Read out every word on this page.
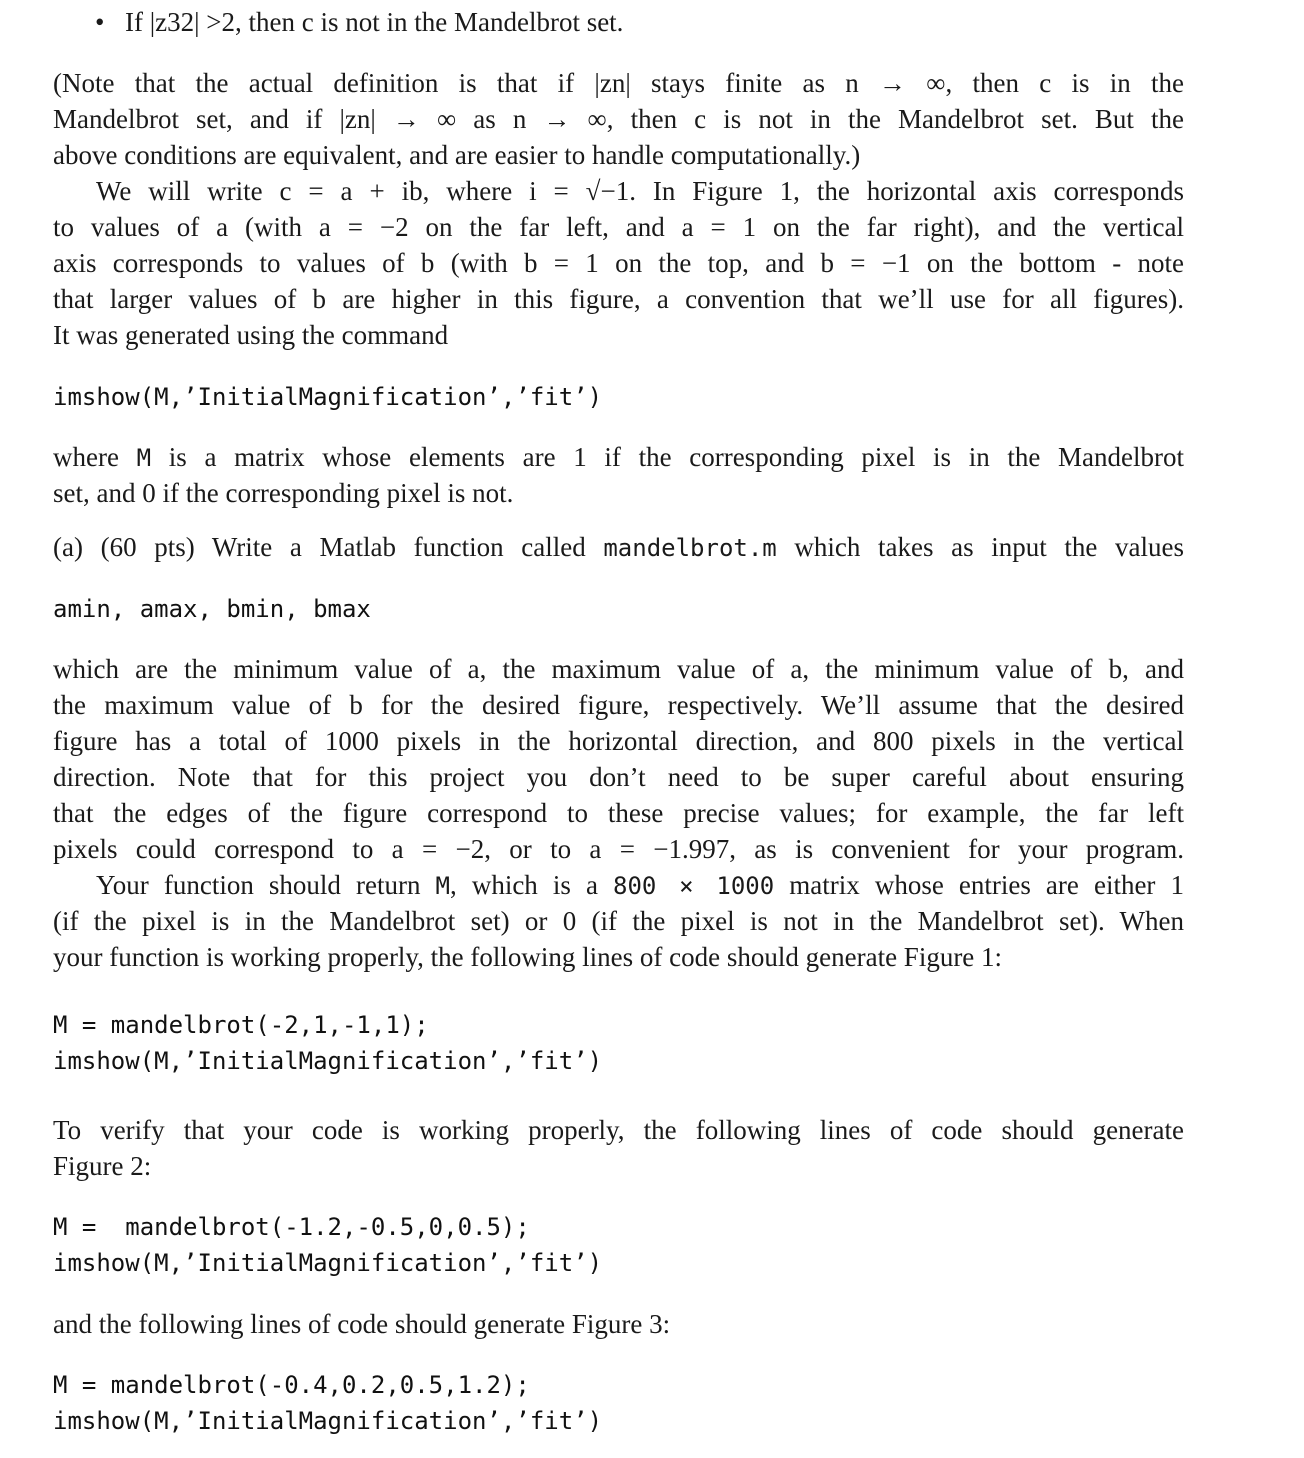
• If |z32| >2, then c is not in the Mandelbrot set.
(Note that the actual definition is that if |zn| stays finite as n → ∞, then c is in the
Mandelbrot set, and if |zn| → ∞ as n → ∞, then c is not in the Mandelbrot set. But the
above conditions are equivalent, and are easier to handle computationally.)
We will write c = a + ib, where i = √−1. In Figure 1, the horizontal axis corresponds
to values of a (with a = −2 on the far left, and a = 1 on the far right), and the vertical
axis corresponds to values of b (with b = 1 on the top, and b = −1 on the bottom - note
that larger values of b are higher in this figure, a convention that we’ll use for all figures).
It was generated using the command
imshow(M,’InitialMagnification’,’fit’)
where M is a matrix whose elements are 1 if the corresponding pixel is in the Mandelbrot
set, and 0 if the corresponding pixel is not.
(a) (60 pts) Write a Matlab function called mandelbrot.m which takes as input the values
amin, amax, bmin, bmax
which are the minimum value of a, the maximum value of a, the minimum value of b, and
the maximum value of b for the desired figure, respectively. We’ll assume that the desired
figure has a total of 1000 pixels in the horizontal direction, and 800 pixels in the vertical
direction. Note that for this project you don’t need to be super careful about ensuring
that the edges of the figure correspond to these precise values; for example, the far left
pixels could correspond to a = −2, or to a = −1.997, as is convenient for your program.
Your function should return M, which is a 800 × 1000 matrix whose entries are either 1
(if the pixel is in the Mandelbrot set) or 0 (if the pixel is not in the Mandelbrot set). When
your function is working properly, the following lines of code should generate Figure 1:
M = mandelbrot(-2,1,-1,1);
imshow(M,’InitialMagnification’,’fit’)
To verify that your code is working properly, the following lines of code should generate
Figure 2:
M =  mandelbrot(-1.2,-0.5,0,0.5);
imshow(M,’InitialMagnification’,’fit’)
and the following lines of code should generate Figure 3:
M = mandelbrot(-0.4,0.2,0.5,1.2);
imshow(M,’InitialMagnification’,’fit’)
